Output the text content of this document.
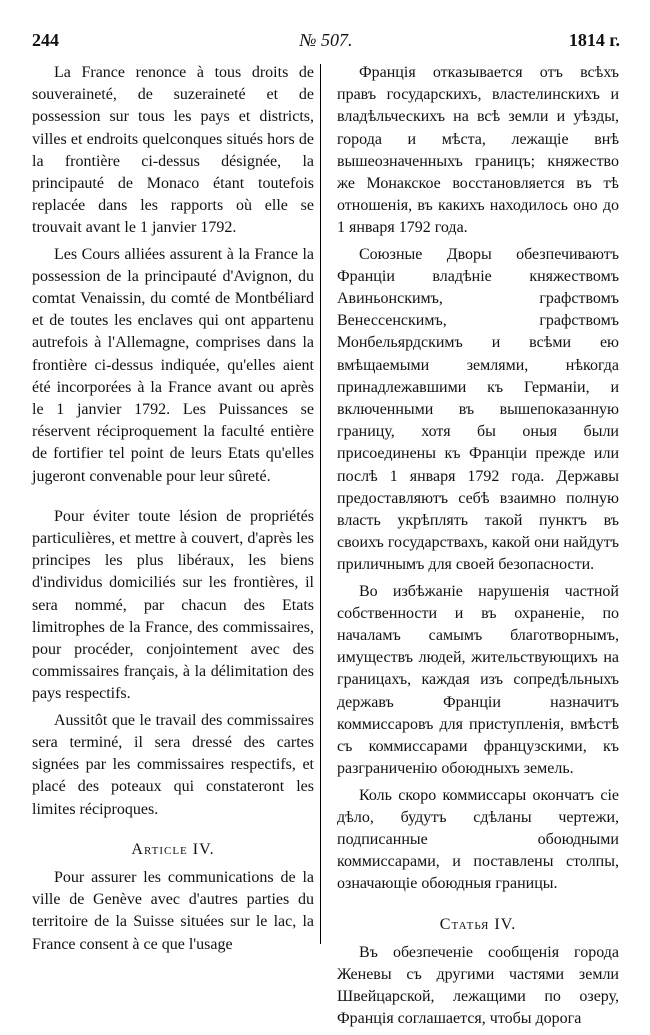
244	№ 507.	1814 г.

La France renonce à tous droits de souveraineté, de suzeraineté et de possession sur tous les pays et districts, villes et endroits quelconques situés hors de la frontière ci-dessus désignée, la principauté de Monaco étant toutefois replacée dans les rapports où elle se trouvait avant le 1 janvier 1792.

Les Cours alliées assurent à la France la possession de la principauté d'Avignon, du comtat Venaissin, du comté de Montbéliard et de toutes les enclaves qui ont appartenu autrefois à l'Allemagne, comprises dans la frontière ci-dessus indiquée, qu'elles aient été incorporées à la France avant ou après le 1 janvier 1792. Les Puissances se réservent réciproquement la faculté entière de fortifier tel point de leurs Etats qu'elles jugeront convenable pour leur sûreté.

Pour éviter toute lésion de propriétés particulières, et mettre à couvert, d'après les principes les plus libéraux, les biens d'individus domiciliés sur les frontières, il sera nommé, par chacun des Etats limitrophes de la France, des commissaires, pour procéder, conjointement avec des commissaires français, à la délimitation des pays respectifs.

Aussitôt que le travail des commissaires sera terminé, il sera dressé des cartes signées par les commissaires respectifs, et placé des poteaux qui constateront les limites réciproques.

Article IV.

Pour assurer les communications de la ville de Genève avec d'autres parties du territoire de la Suisse situées sur le lac, la France consent à ce que l'usage

Франція отказывается отъ всѣхъ правъ государскихъ, властелинскихъ и владѣльческихъ на всѣ земли и уѣзды, города и мѣста, лежащіе внѣ вышеозначенныхъ границъ; княжество же Монакское восстановляется въ тѣ отношенія, въ какихъ находилось оно до 1 января 1792 года.

Союзные Дворы обезпечиваютъ Франціи владѣніе княжествомъ Авиньонскимъ, графствомъ Венессенскимъ, графствомъ Монбельярдскимъ и всѣми ею вмѣщаемыми землями, нѣкогда принадлежавшими къ Германіи, и включенными въ вышепоказанную границу, хотя бы оныя были присоединены къ Франціи прежде или послѣ 1 января 1792 года. Державы предоставляютъ себѣ взаимно полную власть укрѣплять такой пунктъ въ своихъ государствахъ, какой они найдутъ приличнымъ для своей безопасности.

Во избѣжаніе нарушенія частной собственности и въ охраненіе, по началамъ самымъ благотворнымъ, имуществъ людей, жительствующихъ на границахъ, каждая изъ сопредѣльныхъ державъ Франціи назначитъ коммиссаровъ для приступленія, вмѣстѣ съ коммиссарами французскими, къ разграниченію обоюдныхъ земель.

Коль скоро коммиссары окончатъ сіе дѣло, будутъ сдѣланы чертежи, подписанные обоюдными коммиссарами, и поставлены столпы, означающіе обоюдныя границы.

Статья IV.

Въ обезпеченіе сообщенія города Женевы съ другими частями земли Швейцарской, лежащими по озеру, Франція соглашается, чтобы дорога
